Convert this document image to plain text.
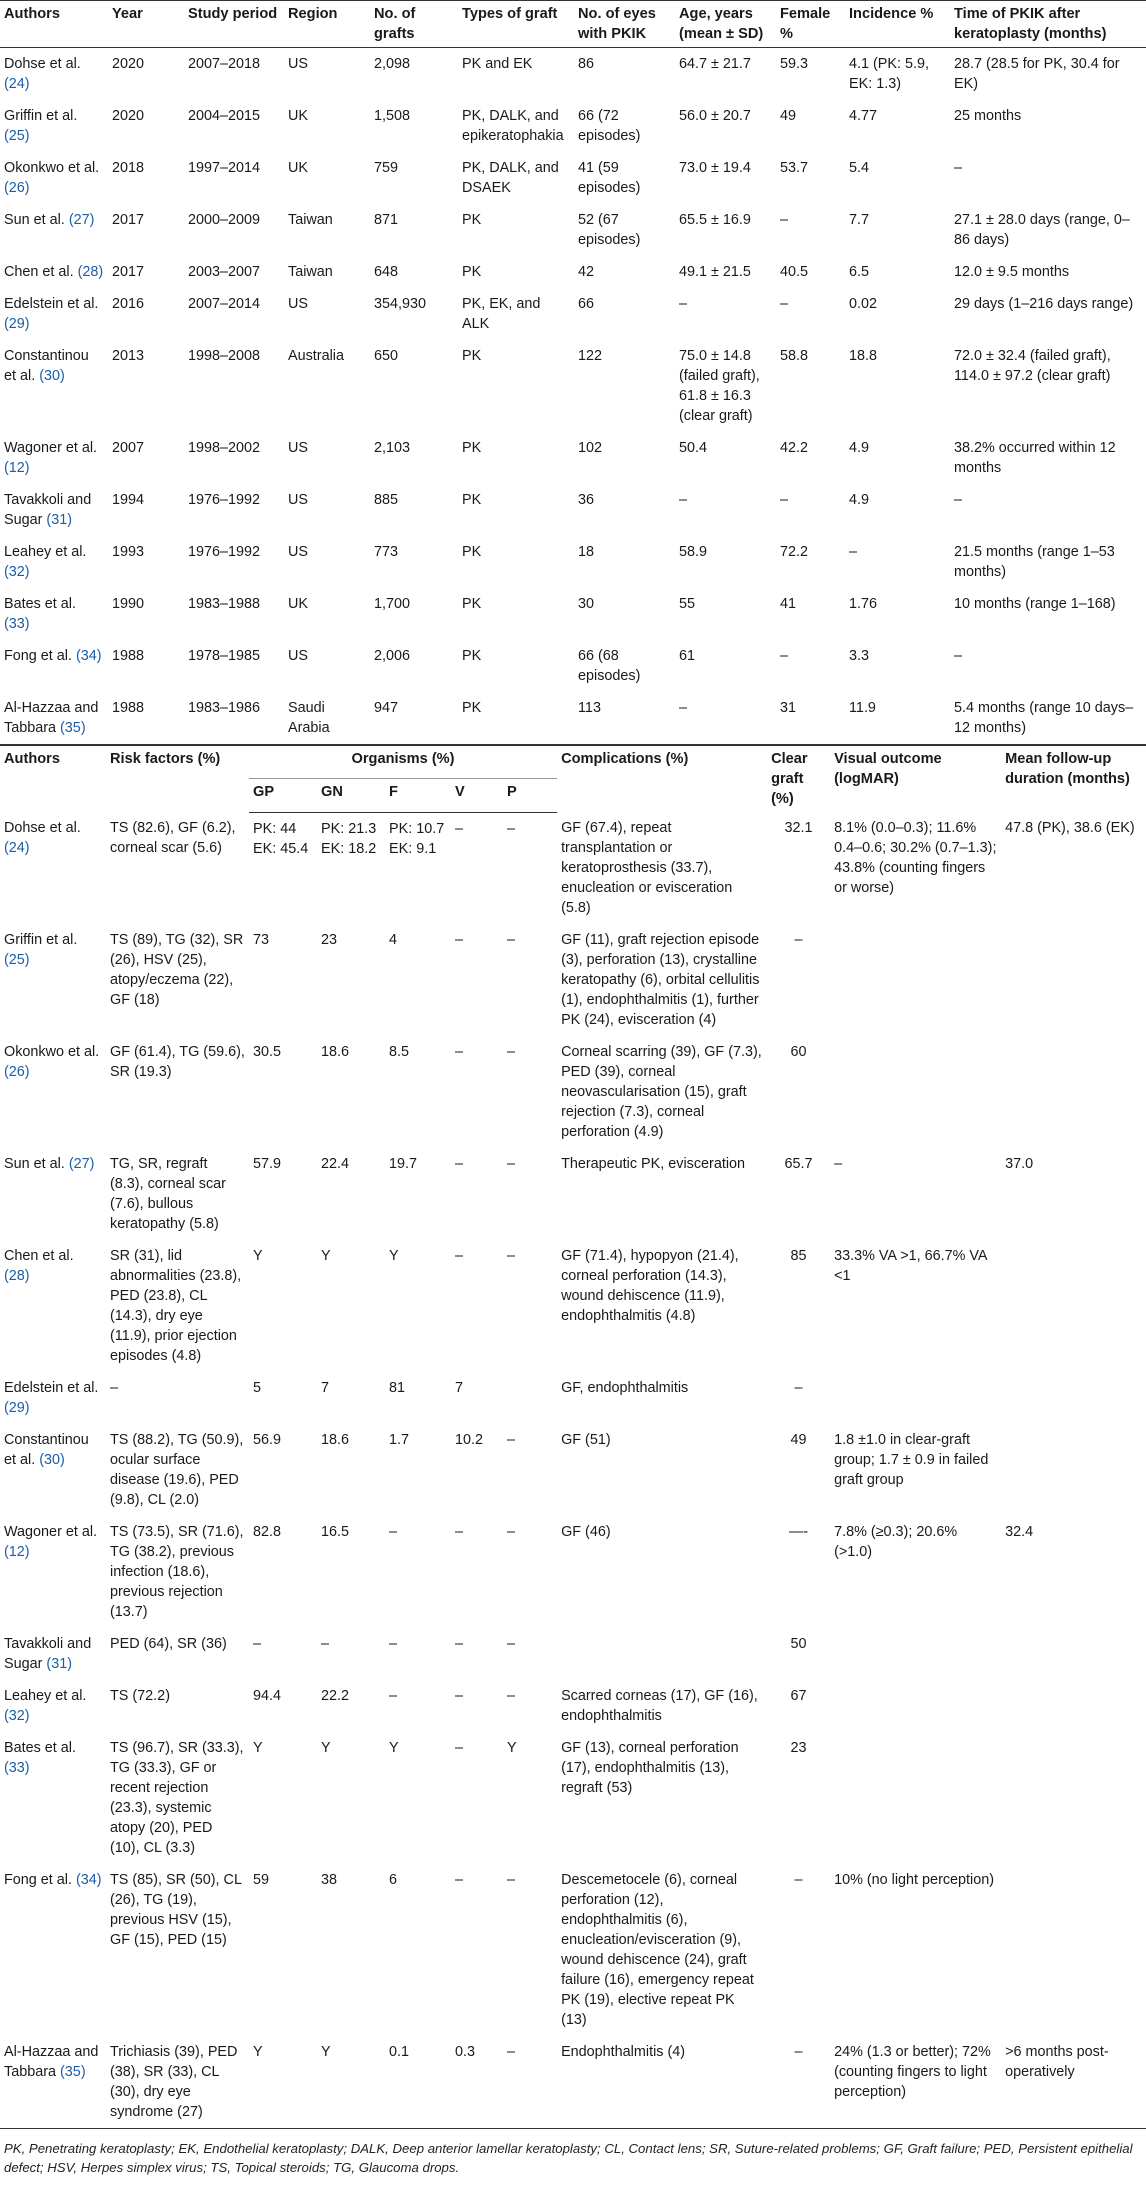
Authors	Year	Study period	Region	No. of grafts	Types of graft	No. of eyes with PKIK	Age, years (mean ± SD)	Female %	Incidence %	Time of PKIK after keratoplasty (months)
Dohse et al. (24)	2020	2007–2018	US	2,098	PK and EK	86	64.7 ± 21.7	59.3	4.1 (PK: 5.9, EK: 1.3)	28.7 (28.5 for PK, 30.4 for EK)
Griffin et al. (25)	2020	2004–2015	UK	1,508	PK, DALK, and epikeratophakia	66 (72 episodes)	56.0 ± 20.7	49	4.77	25 months
Okonkwo et al. (26)	2018	1997–2014	UK	759	PK, DALK, and DSAEK	41 (59 episodes)	73.0 ± 19.4	53.7	5.4	–
Sun et al. (27)	2017	2000–2009	Taiwan	871	PK	52 (67 episodes)	65.5 ± 16.9	–	7.7	27.1 ± 28.0 days (range, 0–86 days)
Chen et al. (28)	2017	2003–2007	Taiwan	648	PK	42	49.1 ± 21.5	40.5	6.5	12.0 ± 9.5 months
Edelstein et al. (29)	2016	2007–2014	US	354,930	PK, EK, and ALK	66	–	–	0.02	29 days (1–216 days range)
Constantinou et al. (30)	2013	1998–2008	Australia	650	PK	122	75.0 ± 14.8 (failed graft), 61.8 ± 16.3 (clear graft)	58.8	18.8	72.0 ± 32.4 (failed graft), 114.0 ± 97.2 (clear graft)
Wagoner et al. (12)	2007	1998–2002	US	2,103	PK	102	50.4	42.2	4.9	38.2% occurred within 12 months
Tavakkoli and Sugar (31)	1994	1976–1992	US	885	PK	36	–	–	4.9	–
Leahey et al. (32)	1993	1976–1992	US	773	PK	18	58.9	72.2	–	21.5 months (range 1–53 months)
Bates et al. (33)	1990	1983–1988	UK	1,700	PK	30	55	41	1.76	10 months (range 1–168)
Fong et al. (34)	1988	1978–1985	US	2,006	PK	66 (68 episodes)	61	–	3.3	–
Al-Hazzaa and Tabbara (35)	1988	1983–1986	Saudi Arabia	947	PK	113	–	31	11.9	5.4 months (range 10 days–12 months)
Authors	Risk factors (%)	Organisms (%)					Complications (%)	Clear graft (%)	Visual outcome (logMAR)	Mean follow-up duration (months)
		GP	GN	F	V	P				
Dohse et al. (24)	TS (82.6), GF (6.2), corneal scar (5.6)	PK: 44 EK: 45.4	PK: 21.3 EK: 18.2	PK: 10.7 EK: 9.1	–	–	GF (67.4), repeat transplantation or keratoprosthesis (33.7), enucleation or evisceration (5.8)	32.1	8.1% (0.0–0.3); 11.6% 0.4–0.6; 30.2% (0.7–1.3); 43.8% (counting fingers or worse)	47.8 (PK), 38.6 (EK)
Griffin et al. (25)	TS (89), TG (32), SR (26), HSV (25), atopy/eczema (22), GF (18)	73	23	4	–	–	GF (11), graft rejection episode (3), perforation (13), crystalline keratopathy (6), orbital cellulitis (1), endophthalmitis (1), further PK (24), evisceration (4)	–		
Okonkwo et al. (26)	GF (61.4), TG (59.6), SR (19.3)	30.5	18.6	8.5	–	–	Corneal scarring (39), GF (7.3), PED (39), corneal neovascularisation (15), graft rejection (7.3), corneal perforation (4.9)	60		
Sun et al. (27)	TG, SR, regraft (8.3), corneal scar (7.6), bullous keratopathy (5.8)	57.9	22.4	19.7	–	–	Therapeutic PK, evisceration	65.7	–	37.0
Chen et al. (28)	SR (31), lid abnormalities (23.8), PED (23.8), CL (14.3), dry eye (11.9), prior ejection episodes (4.8)	Y	Y	Y	–	–	GF (71.4), hypopyon (21.4), corneal perforation (14.3), wound dehiscence (11.9), endophthalmitis (4.8)	85	33.3% VA >1, 66.7% VA <1	
Edelstein et al. (29)	–	5	7	81	7		GF, endophthalmitis	–		
Constantinou et al. (30)	TS (88.2), TG (50.9), ocular surface disease (19.6), PED (9.8), CL (2.0)	56.9	18.6	1.7	10.2	–	GF (51)	49	1.8 ±1.0 in clear-graft group; 1.7 ± 0.9 in failed graft group	
Wagoner et al. (12)	TS (73.5), SR (71.6), TG (38.2), previous infection (18.6), previous rejection (13.7)	82.8	16.5	–	–	–	GF (46)	—-	7.8% (≥0.3); 20.6% (>1.0)	32.4
Tavakkoli and Sugar (31)	PED (64), SR (36)	–	–	–	–	–		50		
Leahey et al. (32)	TS (72.2)	94.4	22.2	–	–	–	Scarred corneas (17), GF (16), endophthalmitis	67		
Bates et al. (33)	TS (96.7), SR (33.3), TG (33.3), GF or recent rejection (23.3), systemic atopy (20), PED (10), CL (3.3)	Y	Y	Y	–	Y	GF (13), corneal perforation (17), endophthalmitis (13), regraft (53)	23		
Fong et al. (34)	TS (85), SR (50), CL (26), TG (19), previous HSV (15), GF (15), PED (15)	59	38	6	–	–	Descemetocele (6), corneal perforation (12), endophthalmitis (6), enucleation/evisceration (9), wound dehiscence (24), graft failure (16), emergency repeat PK (19), elective repeat PK (13)	–	10% (no light perception)	
Al-Hazzaa and Tabbara (35)	Trichiasis (39), PED (38), SR (33), CL (30), dry eye syndrome (27)	Y	Y	0.1	0.3	–	Endophthalmitis (4)	–	24% (1.3 or better); 72% (counting fingers to light perception)	>6 months post-operatively
PK, Penetrating keratoplasty; EK, Endothelial keratoplasty; DALK, Deep anterior lamellar keratoplasty; CL, Contact lens; SR, Suture-related problems; GF, Graft failure; PED, Persistent epithelial defect; HSV, Herpes simplex virus; TS, Topical steroids; TG, Glaucoma drops.
